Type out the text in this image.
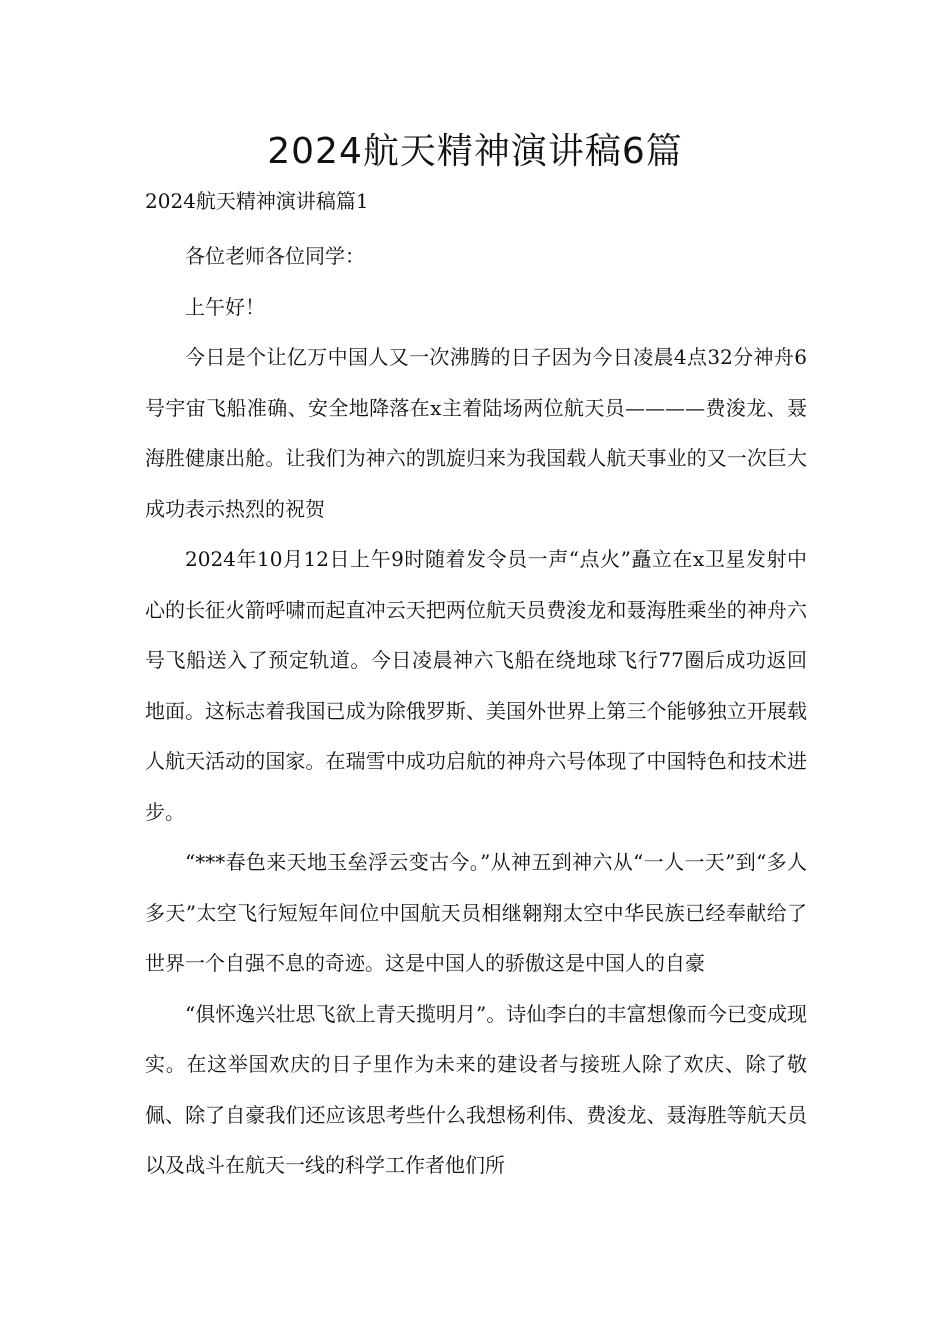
2024航天精神演讲稿6篇
2024航天精神演讲稿篇1

各位老师各位同学：

上午好！

今日是个让亿万中国人又一次沸腾的日子因为今日凌晨4点32分神舟6号宇宙飞船准确、安全地降落在x主着陆场两位航天员————费浚龙、聂海胜健康出舱。让我们为神六的凯旋归来为我国载人航天事业的又一次巨大成功表示热烈的祝贺

2024年10月12日上午9时随着发令员一声“点火”矗立在x卫星发射中心的长征火箭呼啸而起直冲云天把两位航天员费浚龙和聂海胜乘坐的神舟六号飞船送入了预定轨道。今日凌晨神六飞船在绕地球飞行77圈后成功返回地面。这标志着我国已成为除俄罗斯、美国外世界上第三个能够独立开展载人航天活动的国家。在瑞雪中成功启航的神舟六号体现了中国特色和技术进步。

“***春色来天地玉垒浮云变古今。”从神五到神六从“一人一天”到“多人多天”太空飞行短短年间位中国航天员相继翱翔太空中华民族已经奉献给了世界一个自强不息的奇迹。这是中国人的骄傲这是中国人的自豪

“俱怀逸兴壮思飞欲上青天揽明月”。诗仙李白的丰富想像而今已变成现实。在这举国欢庆的日子里作为未来的建设者与接班人除了欢庆、除了敬佩、除了自豪我们还应该思考些什么我想杨利伟、费浚龙、聂海胜等航天员以及战斗在航天一线的科学工作者他们所
